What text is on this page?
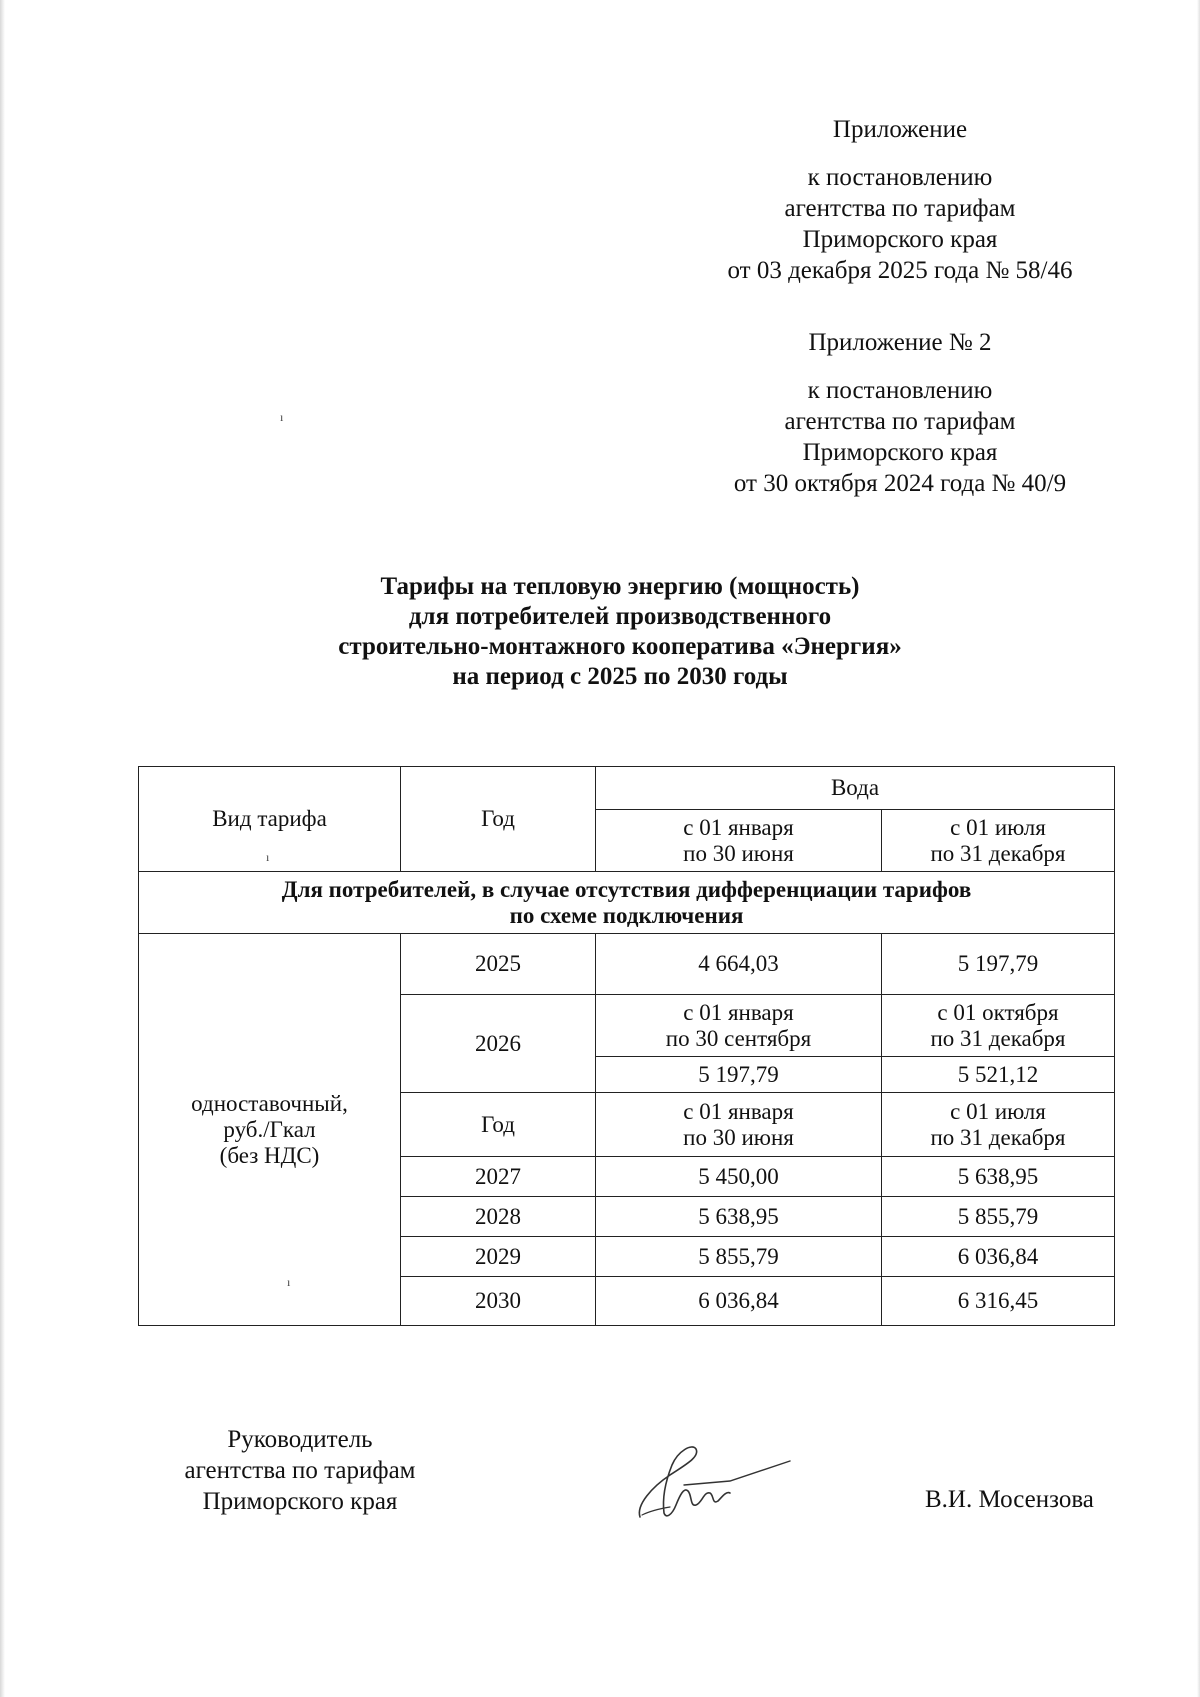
Приложение
к постановлению
агентства по тарифам
Приморского края
от 03 декабря 2025 года № 58/46
Приложение № 2
к постановлению
агентства по тарифам
Приморского края
от 30 октября 2024 года № 40/9
ı
Тарифы на тепловую энергию (мощность)
для потребителей производственного
строительно-монтажного кооператива «Энергия»
на период с 2025 по 2030 годы
Вид тарифа	Год	Вода	

		с 01 января
по 30 июня	с 01 июля
по 31 декабря

Для потребителей, в случае отсутствия дифференциации тарифов
по схеме подключения			

одноставочный,
руб./Гкал
(без НДС)	2025	4 664,03	5 197,79
	2026	с 01 января
по 30 сентября	с 01 октября
по 31 декабря

		5 197,79	5 521,12
	Год	с 01 января
по 30 июня	с 01 июля
по 31 декабря

	2027	5 450,00	5 638,95
	2028	5 638,95	5 855,79
	2029	5 855,79	6 036,84
	2030	6 036,84	6 316,45
ı
ı
Руководитель
агентства по тарифам
Приморского края	В.И. Мосензова
